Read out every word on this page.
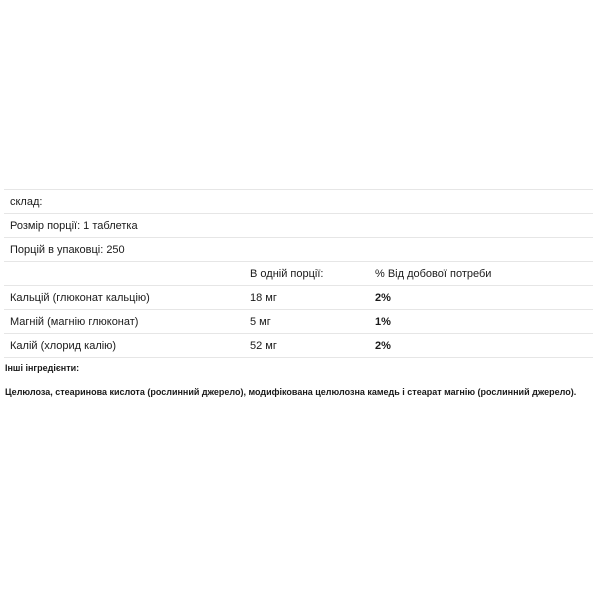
склад:		
Розмір порції: 1 таблетка		
Порцій в упаковці: 250		
	В одній порції:	% Від добової потреби
Кальцій (глюконат кальцію)	18 мг	2%
Магній (магнію глюконат)	5 мг	1%
Калій (хлорид калію)	52 мг	2%

Інші інгредієнти:

Целюлоза, стеаринова кислота (рослинний джерело), модифікована целюлозна камедь і стеарат магнію (рослинний джерело).
